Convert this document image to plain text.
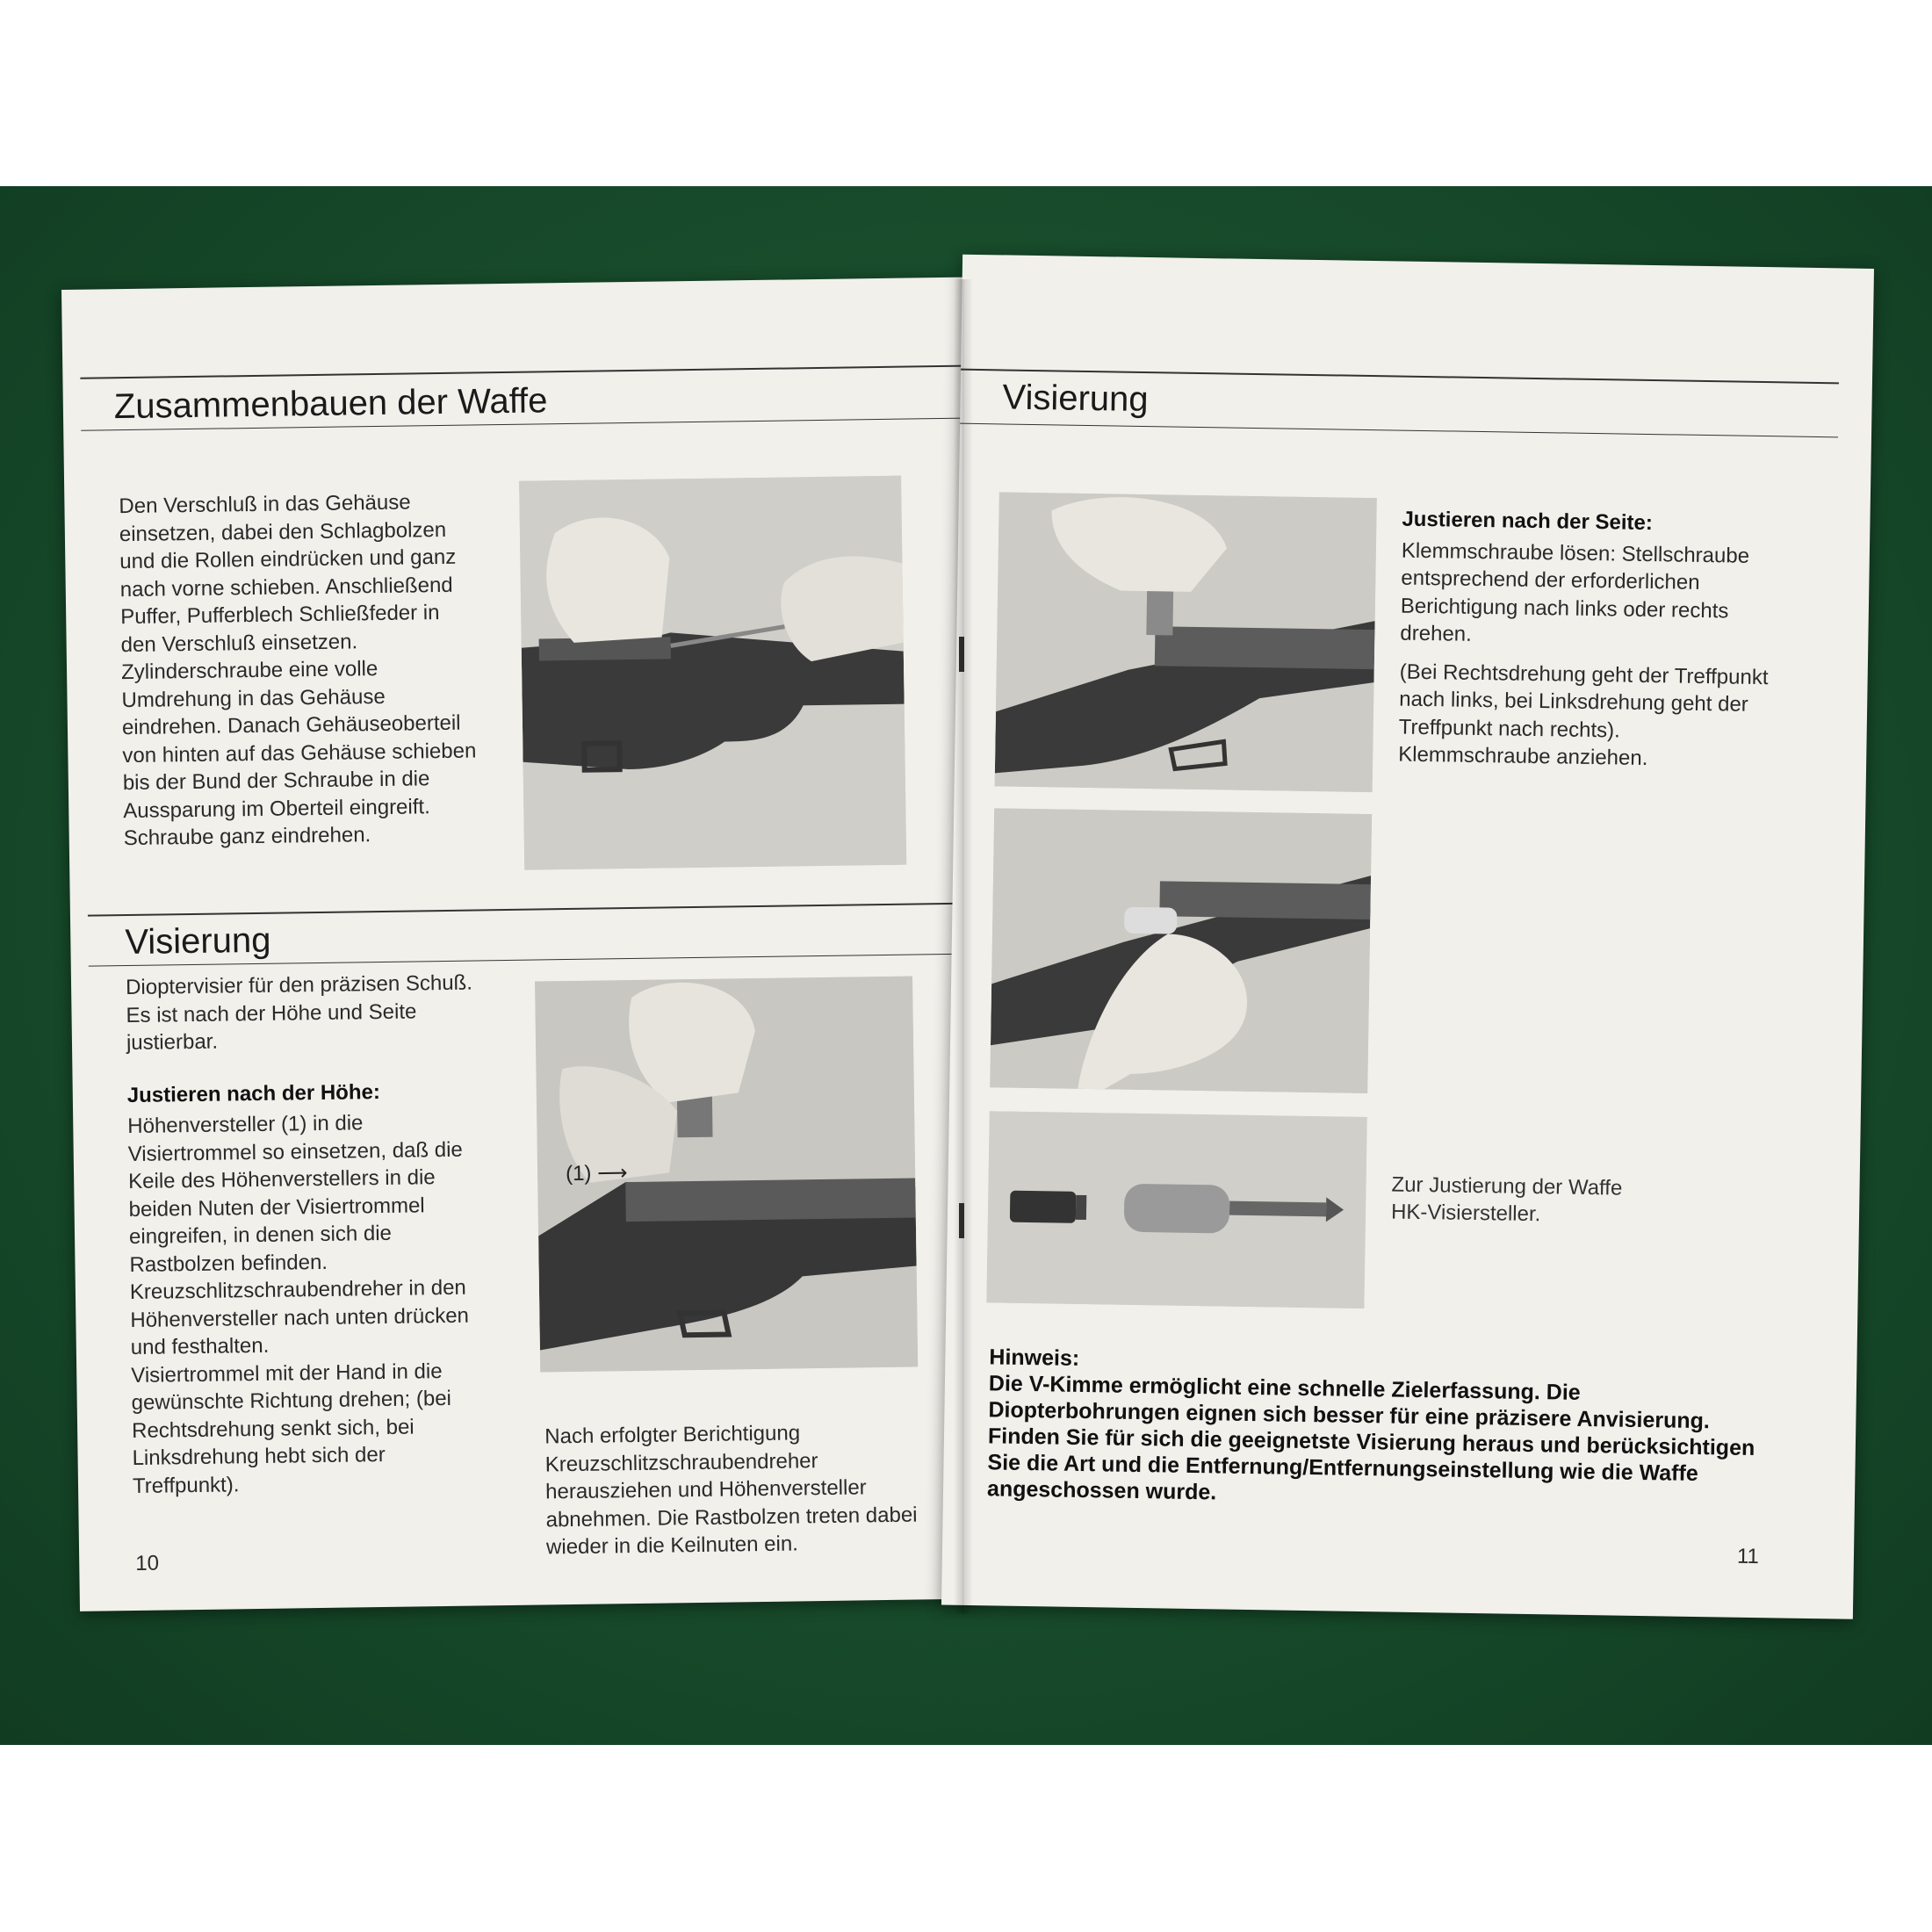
Zusammenbauen der Waffe
Den Verschluß in das Gehäuse einsetzen, dabei den Schlagbolzen und die Rollen eindrücken und ganz nach vorne schieben. Anschließend Puffer, Pufferblech Schließfeder in den Verschluß einsetzen. Zylinderschraube eine volle Umdrehung in das Gehäuse eindrehen. Danach Gehäuseoberteil von hinten auf das Gehäuse schieben bis der Bund der Schraube in die Aussparung im Oberteil eingreift. Schraube ganz eindrehen.
Visierung

Dioptervisier für den präzisen Schuß. Es ist nach der Höhe und Seite justierbar.

Justieren nach der Höhe:

Höhenversteller (1) in die Visiertrommel so einsetzen, daß die Keile des Höhenverstellers in die beiden Nuten der Visiertrommel eingreifen, in denen sich die Rastbolzen befinden. Kreuzschlitzschraubendreher in den Höhenversteller nach unten drücken und festhalten.

Visiertrommel mit der Hand in die gewünschte Richtung drehen; (bei Rechtsdrehung senkt sich, bei Linksdrehung hebt sich der Treffpunkt).

(1) ⟶
Nach erfolgter Berichtigung Kreuzschlitzschraubendreher herausziehen und Höhenversteller abnehmen. Die Rastbolzen treten dabei wieder in die Keilnuten ein.
10
Visierung
Justieren nach der Seite:

Klemmschraube lösen: Stellschraube entsprechend der erforderlichen Berichtigung nach links oder rechts drehen.

(Bei Rechtsdrehung geht der Treffpunkt nach links, bei Linksdrehung geht der Treffpunkt nach rechts). Klemmschraube anziehen.

Zur Justierung der Waffe
HK-Visiersteller.
Hinweis:
Die V-Kimme ermöglicht eine schnelle Zielerfassung. Die Diopterbohrungen eignen sich besser für eine präzisere Anvisierung. Finden Sie für sich die geeignetste Visierung heraus und berücksichtigen Sie die Art und die Entfernung/Entfernungseinstellung wie die Waffe angeschossen wurde.
11
